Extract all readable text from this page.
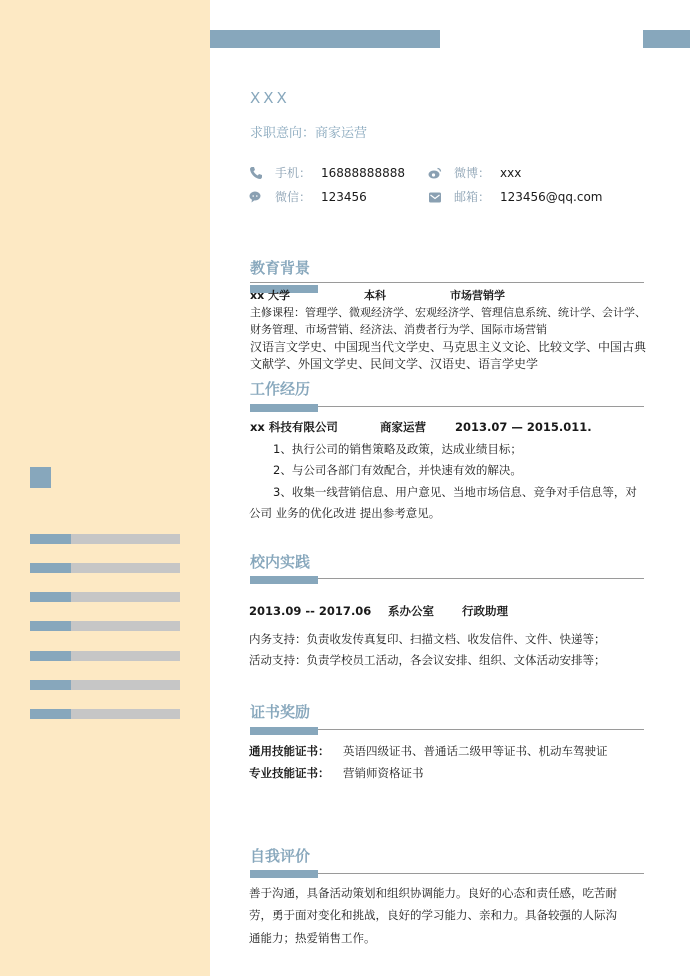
XXX
求职意向：商家运营
手机： 16888888888	微博： xxx
微信： 123456	邮箱： 123456@qq.com
教育背景
xx 大学	本科	市场营销学

主修课程：管理学、微观经济学、宏观经济学、管理信息系统、统计学、会计学、财务管理、市场营销、经济法、消费者行为学、国际市场营销
汉语言文学史、中国现当代文学史、马克思主义文论、比较文学、中国古典文献学、外国文学史、民间文学、汉语史、语言学史学
工作经历
xx 科技有限公司	商家运营	2013.07 — 2015.011.
1、执行公司的销售策略及政策，达成业绩目标；
2、与公司各部门有效配合，并快速有效的解决。
3、收集一线营销信息、用户意见、当地市场信息、竞争对手信息等，对
公司 业务的优化改进 提出参考意见。
校内实践
2013.09 -- 2017.06 系办公室 行政助理
内务支持：负责收发传真复印、扫描文档、收发信件、文件、快递等；
活动支持：负责学校员工活动，各会议安排、组织、文体活动安排等；
证书奖励
通用技能证书： 英语四级证书、普通话二级甲等证书、机动车驾驶证
专业技能证书： 营销师资格证书
自我评价
善于沟通，具备活动策划和组织协调能力。良好的心态和责任感，吃苦耐
劳，勇于面对变化和挑战，良好的学习能力、亲和力。具备较强的人际沟
通能力；热爱销售工作。
